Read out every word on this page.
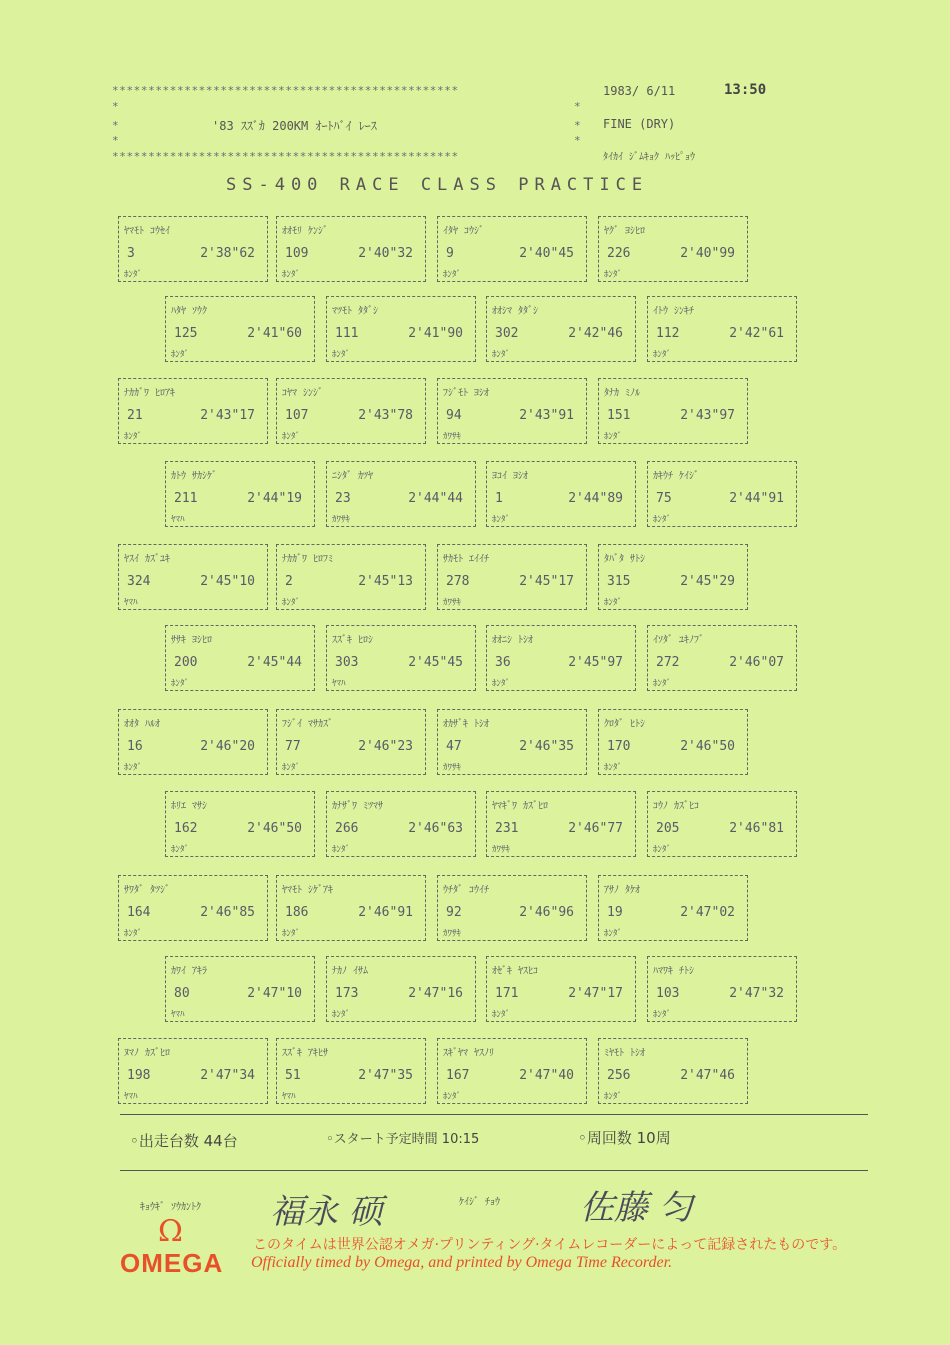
************************************************
*	*
*	*
*	*
************************************************
'83 ｽｽﾞｶ 200KM ｵｰﾄﾊﾞｲ ﾚｰｽ
1983/ 6/11	13:50
FINE (DRY)
ﾀｲｶｲ ｼﾞﾑｷｮｸ ﾊｯﾋﾟｮｳ
SS-400 RACE CLASS PRACTICE
ﾔﾏﾓﾄ ｺｳｾｲ
3	2'38"62
ﾎﾝﾀﾞ
ｵｵﾓﾘ ｹﾝｼﾞ
109	2'40"32
ﾎﾝﾀﾞ
ｲﾀﾔ ｺｳｼﾞ
9	2'40"45
ﾎﾝﾀﾞ
ﾔｸﾞ ﾖｼﾋﾛ
226	2'40"99
ﾎﾝﾀﾞ
ﾊﾀﾔ ｿｳｸ
125	2'41"60
ﾎﾝﾀﾞ
ﾏﾂﾓﾄ ﾀﾀﾞｼ
111	2'41"90
ﾎﾝﾀﾞ
ｵｵｼﾏ ﾀﾀﾞｼ
302	2'42"46
ﾎﾝﾀﾞ
ｲﾄｳ ｼﾝｷﾁ
112	2'42"61
ﾎﾝﾀﾞ
ﾅｶｶﾞﾜ ﾋﾛｱｷ
21	2'43"17
ﾎﾝﾀﾞ
ｺﾔﾏ ｼﾝｼﾞ
107	2'43"78
ﾎﾝﾀﾞ
ﾌｼﾞﾓﾄ ﾖｼｵ
94	2'43"91
ｶﾜｻｷ
ﾀﾅｶ ﾐﾉﾙ
151	2'43"97
ﾎﾝﾀﾞ
ｶﾄｳ ｻｶｼｹﾞ
211	2'44"19
ﾔﾏﾊ
ﾆｼﾀﾞ ｶﾂﾔ
23	2'44"44
ｶﾜｻｷ
ﾖｺｲ ﾖｼｵ
1	2'44"89
ﾎﾝﾀﾞ
ｶｷｳﾁ ｹｲｼﾞ
75	2'44"91
ﾎﾝﾀﾞ
ﾔｽｲ ｶｽﾞﾕｷ
324	2'45"10
ﾔﾏﾊ
ﾅｶｶﾞﾜ ﾋﾛﾌﾐ
2	2'45"13
ﾎﾝﾀﾞ
ｻｶﾓﾄ ｴｲｲﾁ
278	2'45"17
ｶﾜｻｷ
ﾀﾊﾞﾀ ｻﾄｼ
315	2'45"29
ﾎﾝﾀﾞ
ｻｻｷ ﾖｼﾋﾛ
200	2'45"44
ﾎﾝﾀﾞ
ｽｽﾞｷ ﾋﾛｼ
303	2'45"45
ﾔﾏﾊ
ｵｵﾆｼ ﾄｼｵ
36	2'45"97
ﾎﾝﾀﾞ
ｲｿﾀﾞ ﾕｷﾉﾌﾞ
272	2'46"07
ﾎﾝﾀﾞ
ｵｵﾀ ﾊﾙｵ
16	2'46"20
ﾎﾝﾀﾞ
ﾌｼﾞｲ ﾏｻｶｽﾞ
77	2'46"23
ﾎﾝﾀﾞ
ｵｶｻﾞｷ ﾄｼｵ
47	2'46"35
ｶﾜｻｷ
ｸﾛﾀﾞ ﾋﾄｼ
170	2'46"50
ﾎﾝﾀﾞ
ﾎﾘｴ ﾏｻｼ
162	2'46"50
ﾎﾝﾀﾞ
ｶﾅｻﾞﾜ ﾐﾂﾏｻ
266	2'46"63
ﾎﾝﾀﾞ
ﾔﾏｷﾞﾜ ｶｽﾞﾋﾛ
231	2'46"77
ｶﾜｻｷ
ｺｳﾉ ｶｽﾞﾋｺ
205	2'46"81
ﾎﾝﾀﾞ
ｻﾜﾀﾞ ﾀﾂｼﾞ
164	2'46"85
ﾎﾝﾀﾞ
ﾔﾏﾓﾄ ｼｹﾞｱｷ
186	2'46"91
ﾎﾝﾀﾞ
ｳﾁﾀﾞ ｺｳｲﾁ
92	2'46"96
ｶﾜｻｷ
ｱｻﾉ ﾀｹｵ
19	2'47"02
ﾎﾝﾀﾞ
ｶﾜｲ ｱｷﾗ
80	2'47"10
ﾔﾏﾊ
ﾅｶﾉ ｲｻﾑ
173	2'47"16
ﾎﾝﾀﾞ
ｵｾﾞｷ ﾔｽﾋｺ
171	2'47"17
ﾎﾝﾀﾞ
ﾊﾏﾜｷ ﾁﾄｼ
103	2'47"32
ﾎﾝﾀﾞ
ﾇﾏﾉ ｶｽﾞﾋﾛ
198	2'47"34
ﾔﾏﾊ
ｽｽﾞｷ ｱｷﾋｻ
51	2'47"35
ﾔﾏﾊ
ｽｷﾞﾔﾏ ﾔｽﾉﾘ
167	2'47"40
ﾎﾝﾀﾞ
ﾐﾔﾓﾄ ﾄｼｵ
256	2'47"46
ﾎﾝﾀﾞ
◦出走台数 44台	◦スタート予定時間 10:15	◦周回数 10周
ｷｮｳｷﾞ ｿｳｶﾝﾄｸ 福永 硕	ｹｲｼﾞ ﾁｮｳ 佐藤 匀
Ω
OMEGA
このタイムは世界公認オメガ·プリンティング·タイムレコーダーによって記録されたものです。
Officially timed by Omega, and printed by Omega Time Recorder.
